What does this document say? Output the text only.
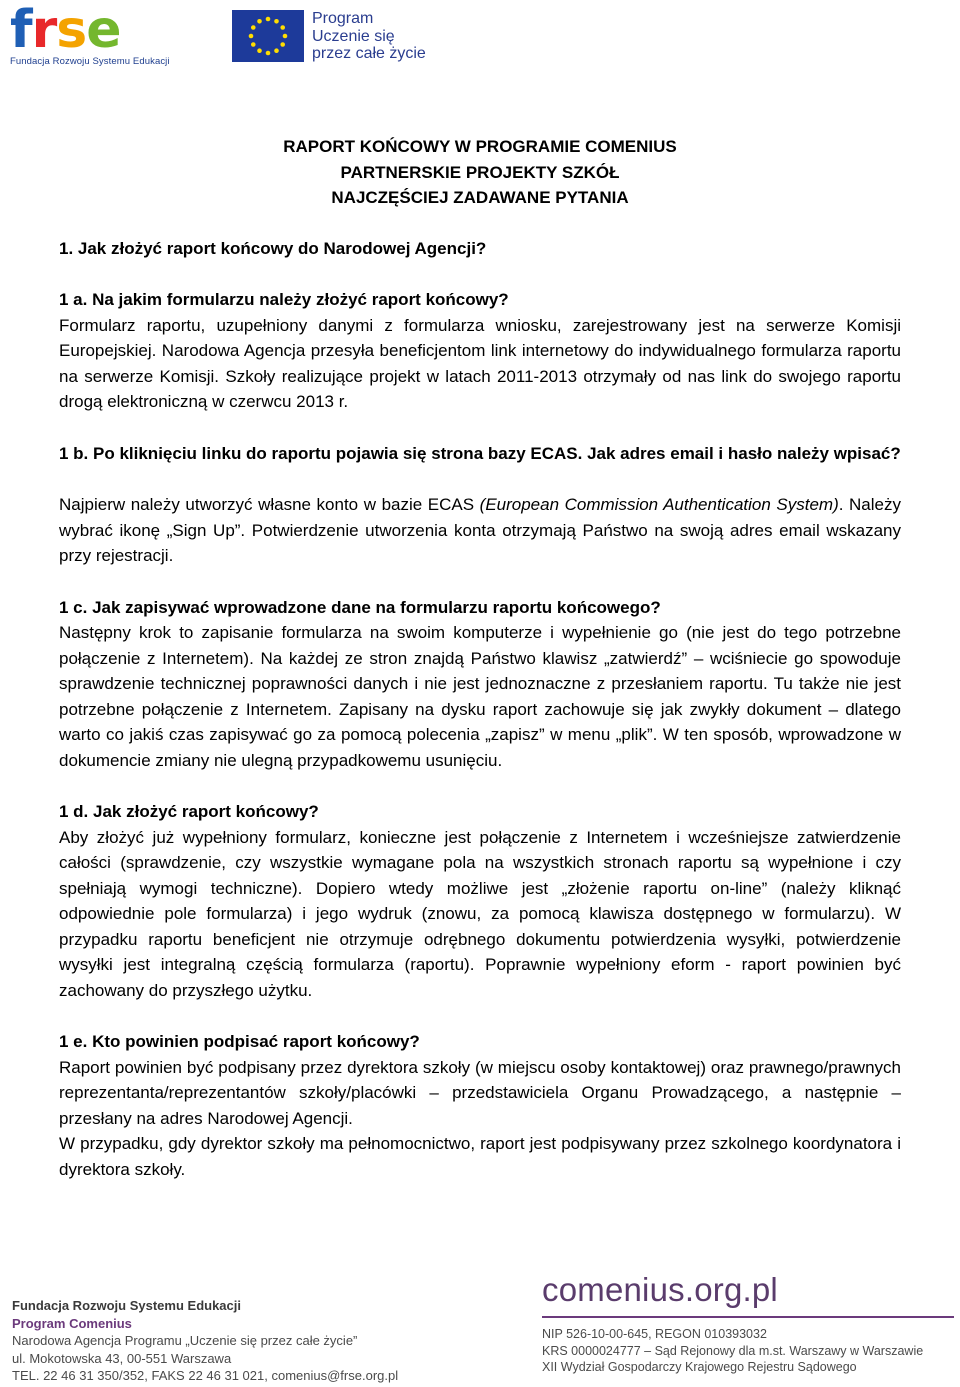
frse
Fundacja Rozwoju Systemu Edukacji
Program
Uczenie się
przez całe życie
RAPORT KOŃCOWY W PROGRAMIE COMENIUS
PARTNERSKIE PROJEKTY SZKÓŁ
NAJCZĘŚCIEJ ZADAWANE PYTANIA

1. Jak złożyć raport końcowy do Narodowej Agencji?

1 a. Na jakim formularzu należy złożyć raport końcowy?

Formularz raportu, uzupełniony danymi z formularza wniosku, zarejestrowany jest na serwerze Komisji Europejskiej. Narodowa Agencja przesyła beneficjentom link internetowy do indywidualnego formularza raportu na serwerze Komisji. Szkoły realizujące projekt w latach 2011-2013 otrzymały od nas link do swojego raportu drogą elektroniczną w czerwcu 2013 r.

1 b. Po kliknięciu linku do raportu pojawia się strona bazy ECAS. Jak adres email i hasło należy wpisać?

Najpierw należy utworzyć własne konto w bazie ECAS (European Commission Authentication System). Należy wybrać ikonę „Sign Up”. Potwierdzenie utworzenia konta otrzymają Państwo na swoją adres email wskazany przy rejestracji.

1 c. Jak zapisywać wprowadzone dane na formularzu raportu końcowego?

Następny krok to zapisanie formularza na swoim komputerze i wypełnienie go (nie jest do tego potrzebne połączenie z Internetem). Na każdej ze stron znajdą Państwo klawisz „zatwierdź” – wciśniecie go spowoduje sprawdzenie technicznej poprawności danych i nie jest jednoznaczne z przesłaniem raportu. Tu także nie jest potrzebne połączenie z Internetem. Zapisany na dysku raport zachowuje się jak zwykły dokument – dlatego warto co jakiś czas zapisywać go za pomocą polecenia „zapisz” w menu „plik”. W ten sposób, wprowadzone w dokumencie zmiany nie ulegną przypadkowemu usunięciu.

1 d. Jak złożyć raport końcowy?

Aby złożyć już wypełniony formularz, konieczne jest połączenie z Internetem i wcześniejsze zatwierdzenie całości (sprawdzenie, czy wszystkie wymagane pola na wszystkich stronach raportu są wypełnione i czy spełniają wymogi techniczne). Dopiero wtedy możliwe jest „złożenie raportu on-line” (należy kliknąć odpowiednie pole formularza) i jego wydruk (znowu, za pomocą klawisza dostępnego w formularzu). W przypadku raportu beneficjent nie otrzymuje odrębnego dokumentu potwierdzenia wysyłki, potwierdzenie wysyłki jest integralną częścią formularza (raportu). Poprawnie wypełniony eform - raport powinien być zachowany do przyszłego użytku.

1 e. Kto powinien podpisać raport końcowy?

Raport powinien być podpisany przez dyrektora szkoły (w miejscu osoby kontaktowej) oraz prawnego/prawnych reprezentanta/reprezentantów szkoły/placówki – przedstawiciela Organu Prowadzącego, a następnie – przesłany na adres Narodowej Agencji.

W przypadku, gdy dyrektor szkoły ma pełnomocnictwo, raport jest podpisywany przez szkolnego koordynatora i dyrektora szkoły.

Fundacja Rozwoju Systemu Edukacji
Program Comenius
Narodowa Agencja Programu „Uczenie się przez całe życie”
ul. Mokotowska 43, 00-551 Warszawa
TEL. 22 46 31 350/352, FAKS 22 46 31 021, comenius@frse.org.pl
comenius.org.pl
NIP 526-10-00-645, REGON 010393032
KRS 0000024777 – Sąd Rejonowy dla m.st. Warszawy w Warszawie
XII Wydział Gospodarczy Krajowego Rejestru Sądowego
